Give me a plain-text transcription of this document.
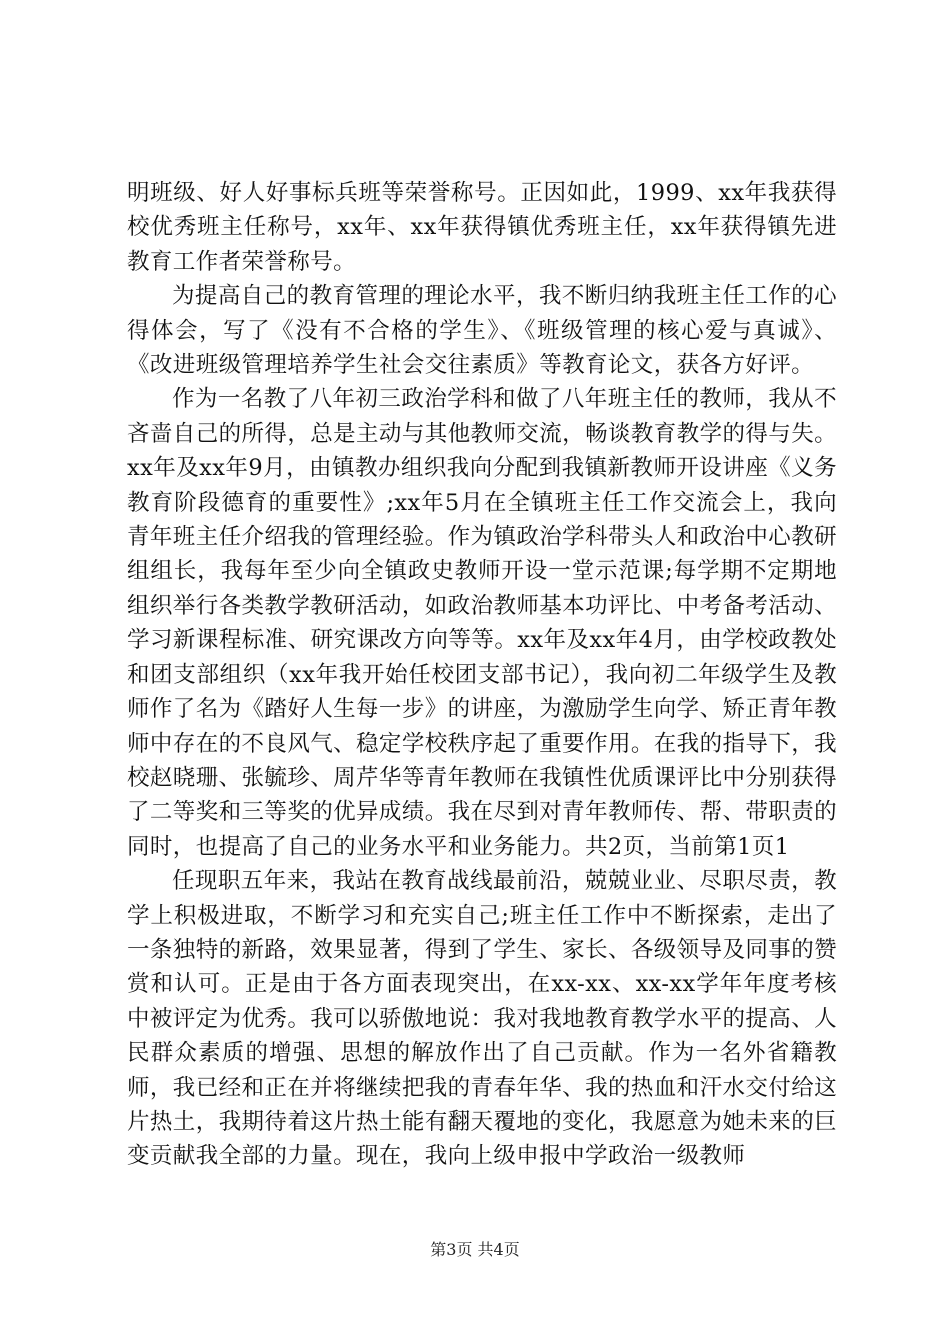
明班级、好人好事标兵班等荣誉称号。正因如此，1999、xx年我获得校优秀班主任称号，xx年、xx年获得镇优秀班主任，xx年获得镇先进教育工作者荣誉称号。

为提高自己的教育管理的理论水平，我不断归纳我班主任工作的心得体会，写了《没有不合格的学生》、《班级管理的核心爱与真诚》、《改进班级管理培养学生社会交往素质》等教育论文，获各方好评。

作为一名教了八年初三政治学科和做了八年班主任的教师，我从不吝啬自己的所得，总是主动与其他教师交流，畅谈教育教学的得与失。xx年及xx年9月，由镇教办组织我向分配到我镇新教师开设讲座《义务教育阶段德育的重要性》;xx年5月在全镇班主任工作交流会上，我向青年班主任介绍我的管理经验。作为镇政治学科带头人和政治中心教研组组长，我每年至少向全镇政史教师开设一堂示范课;每学期不定期地组织举行各类教学教研活动，如政治教师基本功评比、中考备考活动、学习新课程标准、研究课改方向等等。xx年及xx年4月，由学校政教处和团支部组织（xx年我开始任校团支部书记），我向初二年级学生及教师作了名为《踏好人生每一步》的讲座，为激励学生向学、矫正青年教师中存在的不良风气、稳定学校秩序起了重要作用。在我的指导下，我校赵晓珊、张毓珍、周芹华等青年教师在我镇性优质课评比中分别获得了二等奖和三等奖的优异成绩。我在尽到对青年教师传、帮、带职责的同时，也提高了自己的业务水平和业务能力。共2页，当前第1页1

任现职五年来，我站在教育战线最前沿，兢兢业业、尽职尽责，教学上积极进取，不断学习和充实自己;班主任工作中不断探索，走出了一条独特的新路，效果显著，得到了学生、家长、各级领导及同事的赞赏和认可。正是由于各方面表现突出，在xx-xx、xx-xx学年年度考核中被评定为优秀。我可以骄傲地说：我对我地教育教学水平的提高、人民群众素质的增强、思想的解放作出了自己贡献。作为一名外省籍教师，我已经和正在并将继续把我的青春年华、我的热血和汗水交付给这片热土，我期待着这片热土能有翻天覆地的变化，我愿意为她未来的巨变贡献我全部的力量。现在，我向上级申报中学政治一级教师

第3页 共4页
